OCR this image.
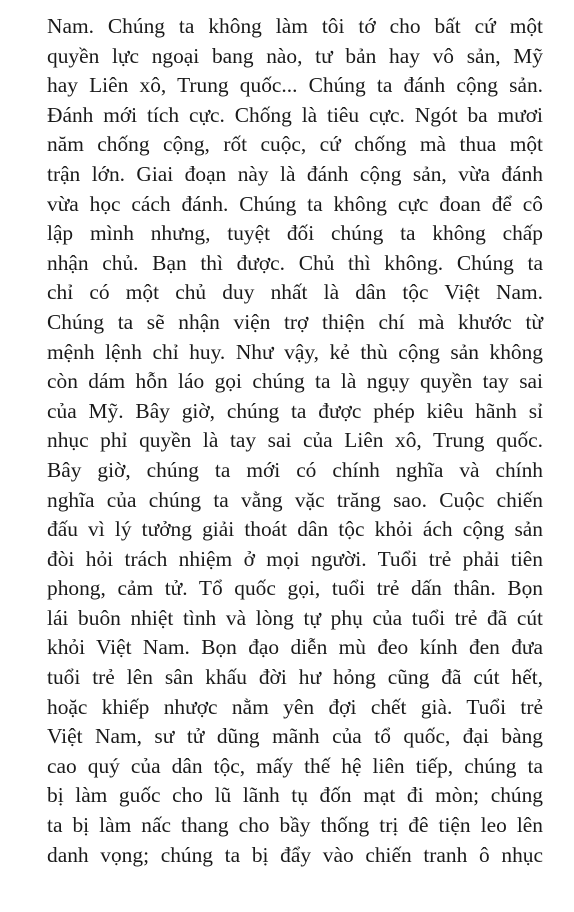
Nam. Chúng ta không làm tôi tớ cho bất cứ một
quyền lực ngoại bang nào, tư bản hay vô sản, Mỹ
hay Liên xô, Trung quốc... Chúng ta đánh cộng sản.
Đánh mới tích cực. Chống là tiêu cực. Ngót ba mươi
năm chống cộng, rốt cuộc, cứ chống mà thua một
trận lớn. Giai đoạn này là đánh cộng sản, vừa đánh
vừa học cách đánh. Chúng ta không cực đoan để cô
lập mình nhưng, tuyệt đối chúng ta không chấp
nhận chủ. Bạn thì được. Chủ thì không. Chúng ta
chỉ có một chủ duy nhất là dân tộc Việt Nam.
Chúng ta sẽ nhận viện trợ thiện chí mà khước từ
mệnh lệnh chỉ huy. Như vậy, kẻ thù cộng sản không
còn dám hỗn láo gọi chúng ta là ngụy quyền tay sai
của Mỹ. Bây giờ, chúng ta được phép kiêu hãnh sỉ
nhục phỉ quyền là tay sai của Liên xô, Trung quốc.
Bây giờ, chúng ta mới có chính nghĩa và chính
nghĩa của chúng ta vằng vặc trăng sao. Cuộc chiến
đấu vì lý tưởng giải thoát dân tộc khỏi ách cộng sản
đòi hỏi trách nhiệm ở mọi người. Tuổi trẻ phải tiên
phong, cảm tử. Tổ quốc gọi, tuổi trẻ dấn thân. Bọn
lái buôn nhiệt tình và lòng tự phụ của tuổi trẻ đã cút
khỏi Việt Nam. Bọn đạo diễn mù đeo kính đen đưa
tuổi trẻ lên sân khấu đời hư hỏng cũng đã cút hết,
hoặc khiếp nhược nằm yên đợi chết già. Tuổi trẻ
Việt Nam, sư tử dũng mãnh của tổ quốc, đại bàng
cao quý của dân tộc, mấy thế hệ liên tiếp, chúng ta
bị làm guốc cho lũ lãnh tụ đốn mạt đi mòn; chúng
ta bị làm nấc thang cho bầy thống trị đê tiện leo lên
danh vọng; chúng ta bị đẩy vào chiến tranh ô nhục
